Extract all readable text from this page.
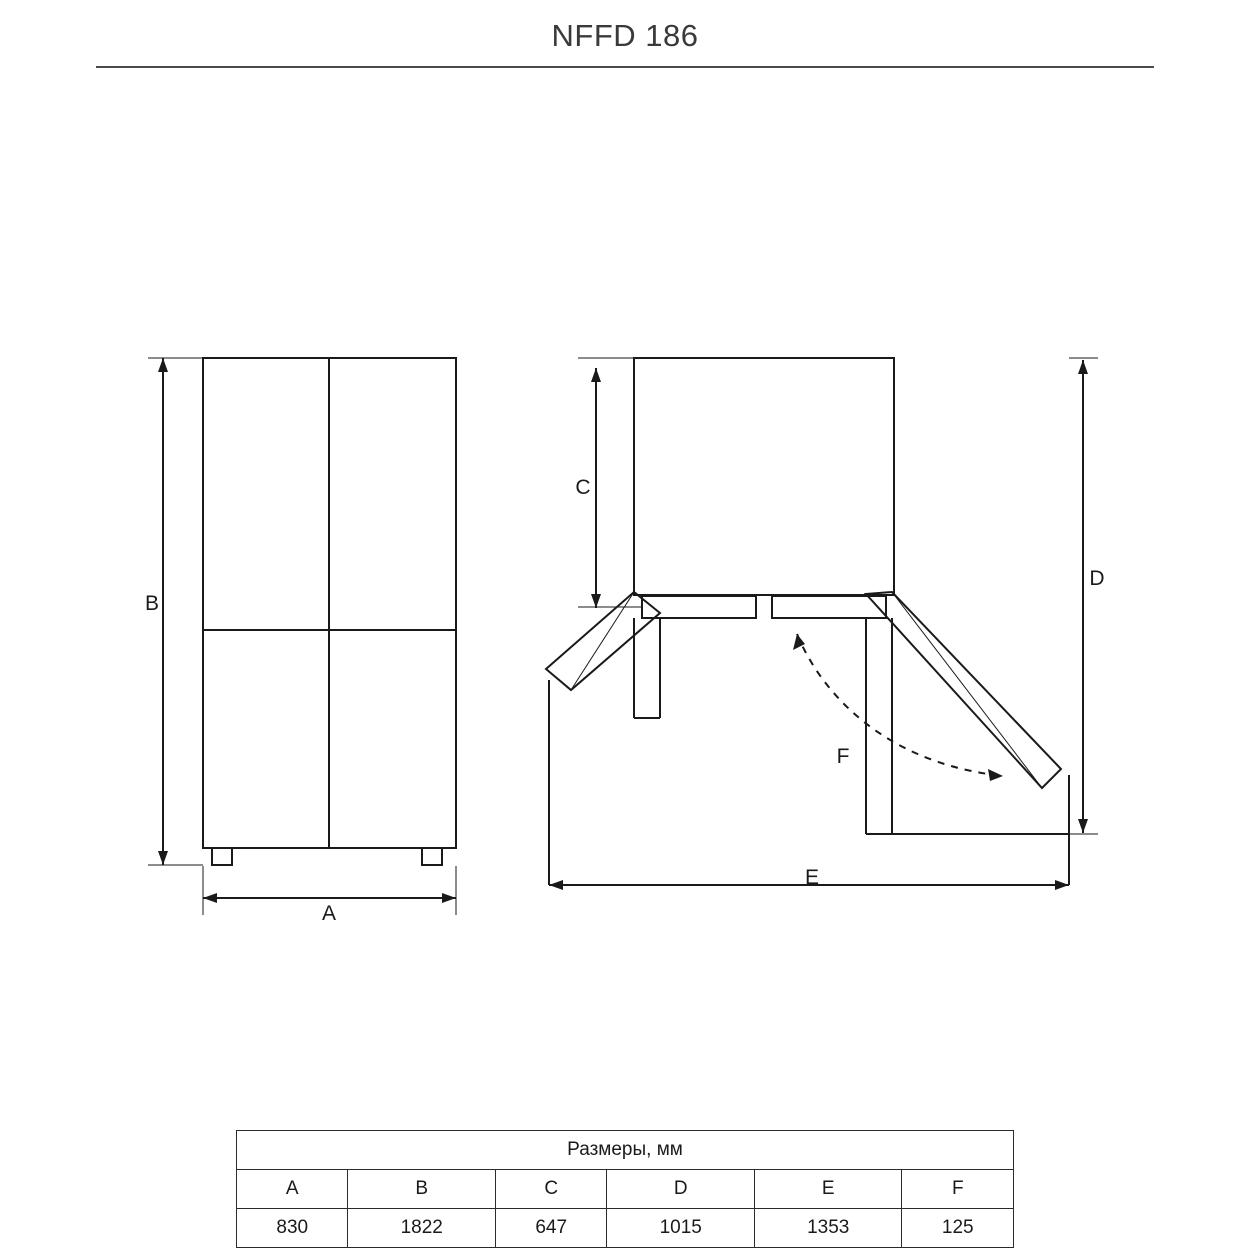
NFFD 186
B
A
C
D
E
F
Размеры, мм					
A	B	C	D	E	F
830	1822	647	1015	1353	125
